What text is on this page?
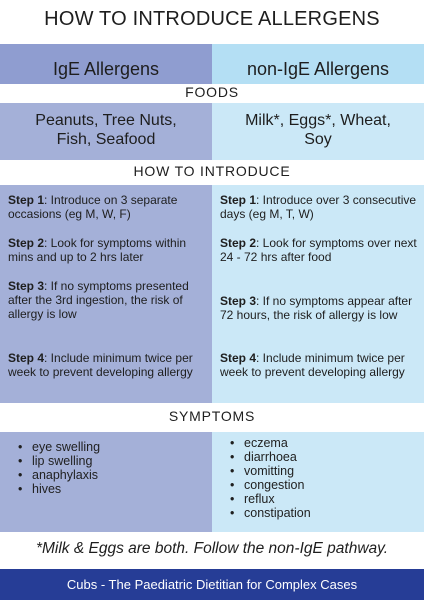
HOW TO INTRODUCE ALLERGENS
IgE Allergens	non-IgE Allergens
FOODS
Peanuts, Tree Nuts,
Fish, Seafood
Milk*, Eggs*, Wheat,
Soy
HOW TO INTRODUCE
Step 1: Introduce on 3 separate occasions (eg M, W, F)
Step 2: Look for symptoms within mins and up to 2 hrs later
Step 3: If no symptoms presented after the 3rd ingestion, the risk of allergy is low
Step 4: Include minimum twice per week to prevent developing allergy
Step 1: Introduce over 3 consecutive days (eg M, T, W)
Step 2: Look for symptoms over next 24 - 72 hrs after food
Step 3: If no symptoms appear after 72 hours, the risk of allergy is low
Step 4: Include minimum twice per week to prevent developing allergy
SYMPTOMS
• eye swelling
• lip swelling
• anaphylaxis
• hives
• eczema
• diarrhoea
• vomitting
• congestion
• reflux
• constipation
*Milk & Eggs are both. Follow the non-IgE pathway.
Cubs - The Paediatric Dietitian for Complex Cases
